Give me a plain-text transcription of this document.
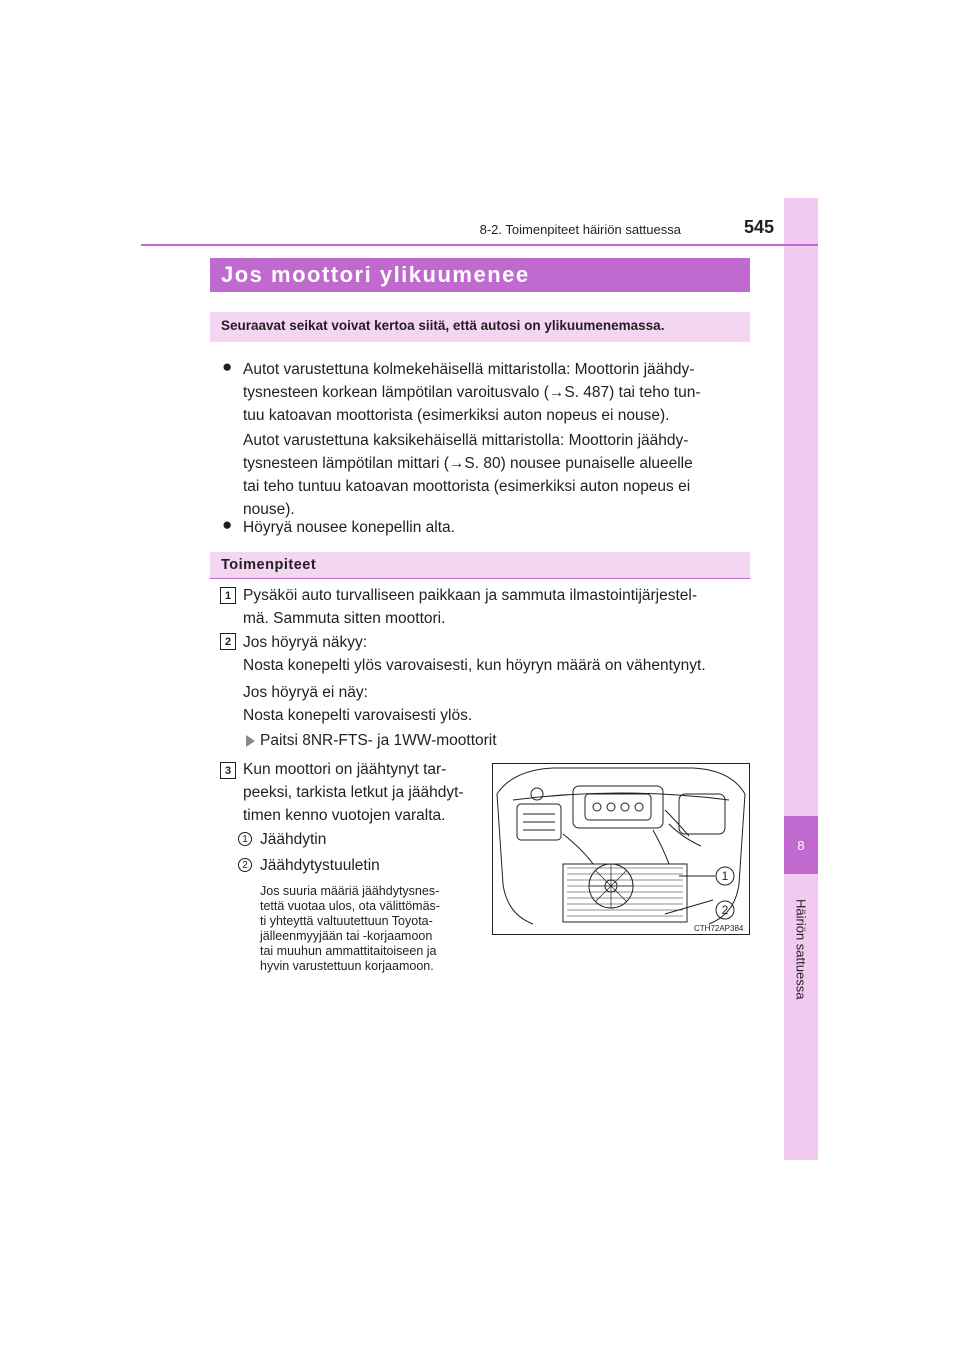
8
Häiriön sattuessa
8-2. Toimenpiteet häiriön sattuessa	545
Jos moottori ylikuumenee
Seuraavat seikat voivat kertoa siitä, että autosi on ylikuumenemassa.
● Autot varustettuna kolmekehäisellä mittaristolla: Moottorin jäähdy-
tysnesteen korkean lämpötilan varoitusvalo (→S. 487) tai teho tun-
tuu katoavan moottorista (esimerkiksi auton nopeus ei nouse).
Autot varustettuna kaksikehäisellä mittaristolla: Moottorin jäähdy-
tysnesteen lämpötilan mittari (→S. 80) nousee punaiselle alueelle
tai teho tuntuu katoavan moottorista (esimerkiksi auton nopeus ei
nouse).
● Höyryä nousee konepellin alta.
Toimenpiteet
1 Pysäköi auto turvalliseen paikkaan ja sammuta ilmastointijärjestel-
mä. Sammuta sitten moottori.
2 Jos höyryä näkyy:
Nosta konepelti ylös varovaisesti, kun höyryn määrä on vähentynyt.
Jos höyryä ei näy:
Nosta konepelti varovaisesti ylös.
Paitsi 8NR-FTS- ja 1WW-moottorit
3 Kun moottori on jäähtynyt tar-
peeksi, tarkista letkut ja jäähdyt-
timen kenno vuotojen varalta.
1 Jäähdytin
2 Jäähdytystuuletin
Jos suuria määriä jäähdytysnes-
tettä vuotaa ulos, ota välittömäs-
ti yhteyttä valtuutettuun Toyota-
jälleenmyyjään tai -korjaamoon
tai muuhun ammattitaitoiseen ja
hyvin varustettuun korjaamoon.
1
2
CTH72AP384
